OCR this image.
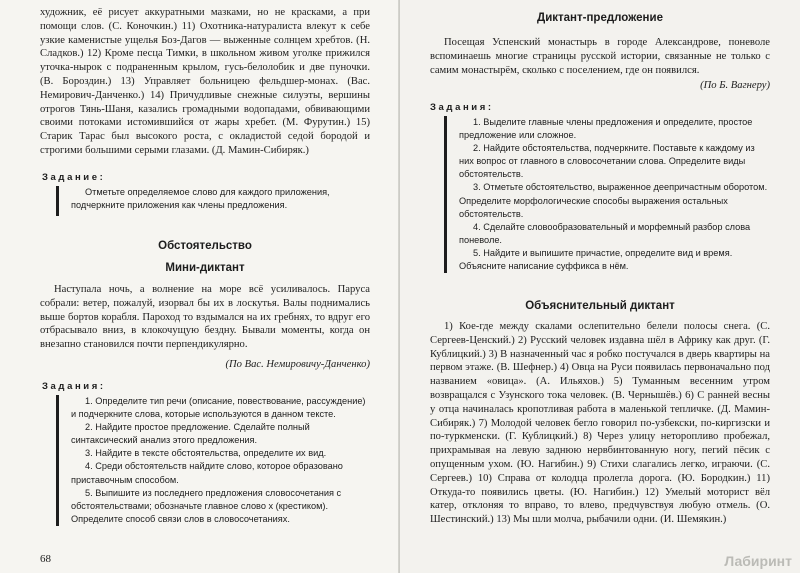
художник, её рисует аккуратными мазками, но не красками, а при помощи слов. (С. Коночкин.) 11) Охотника-натуралиста влекут к себе узкие каменистые ущелья Боз-Дагов — выженные солнцем хребтов. (Н. Сладков.) 12) Кроме песца Тимки, в школьном живом уголке прижился уточка-нырок с подраненным крылом, гусь-белолобик и две пуночки. (В. Бороздин.) 13) Управляет больницею фельдшер-монах. (Вас. Немирович-Данченко.) 14) Причудливые снежные силуэты, вершины отрогов Тянь-Шаня, казались громадными водопадами, обвивающими своими потоками истомившийся от жары хребет. (М. Фурутин.) 15) Старик Тарас был высокого роста, с окладистой седой бородой и строгими большими серыми глазами. (Д. Мамин-Сибиряк.)
Задание:

Отметьте определяемое слово для каждого приложения, подчеркните приложения как члены предложения.

Обстоятельство
Мини-диктант

Наступала ночь, а волнение на море всё усиливалось. Паруса собрали: ветер, пожалуй, изорвал бы их в лоскутья. Валы поднимались выше бортов корабля. Пароход то вздымался на их гребнях, то вдруг его отбрасывало вниз, в клокочущую бездну. Бывали моменты, когда он внезапно становился почти перпендикулярно.

(По Вас. Немировичу-Данченко)
Задания:

1. Определите тип речи (описание, повествование, рассуждение) и подчеркните слова, которые используются в данном тексте.

2. Найдите простое предложение. Сделайте полный синтаксический анализ этого предложения.

3. Найдите в тексте обстоятельства, определите их вид.

4. Среди обстоятельств найдите слово, которое образовано приставочным способом.

5. Выпишите из последнего предложения словосочетания с обстоятельствами; обозначьте главное слово х (крестиком). Определите способ связи слов в словосочетаниях.

68
Диктант-предложение

Посещая Успенский монастырь в городе Александрове, поневоле вспоминаешь многие страницы русской истории, связанные не только с самим монастырём, сколько с поселением, где он появился.

(По Б. Вагнеру)
Задания:

1. Выделите главные члены предложения и определите, простое предложение или сложное.

2. Найдите обстоятельства, подчеркните. Поставьте к каждому из них вопрос от главного в словосочетании слова. Определите виды обстоятельств.

3. Отметьте обстоятельство, выраженное деепричастным оборотом. Определите морфологические способы выражения остальных обстоятельств.

4. Сделайте словообразовательный и морфемный разбор слова поневоле.

5. Найдите и выпишите причастие, определите вид и время. Объясните написание суффикса в нём.

Объяснительный диктант

1) Кое-где между скалами ослепительно белели полосы снега. (С. Сергеев-Ценский.) 2) Русский человек издавна шёл в Африку как друг. (Г. Кублицкий.) 3) В назначенный час я робко постучался в дверь квартиры на первом этаже. (В. Шефнер.) 4) Овца на Руси появилась первоначально под названием «овица». (А. Ильяхов.) 5) Туманным весенним утром возвращался с Узунского тока человек. (В. Чернышёв.) 6) С ранней весны у отца начиналась кропотливая работа в маленькой тепличке. (Д. Мамин-Сибиряк.) 7) Молодой человек бегло говорил по-узбекски, по-киргизски и по-туркменски. (Г. Кублицкий.) 8) Через улицу неторопливо пробежал, прихрамывая на левую заднюю нервбинтованную ногу, пегий пёсик с опущенным ухом. (Ю. Нагибин.) 9) Стихи слагались легко, играючи. (С. Сергеев.) 10) Справа от колодца пролегла дорога. (Ю. Бородкин.) 11) Откуда-то появились цветы. (Ю. Нагибин.) 12) Умелый моторист вёл катер, отклоняя то вправо, то влево, предчувствуя любую отмель. (О. Шестинский.) 13) Мы шли молча, рыбачили одни. (И. Шемякин.)

Лабиринт
